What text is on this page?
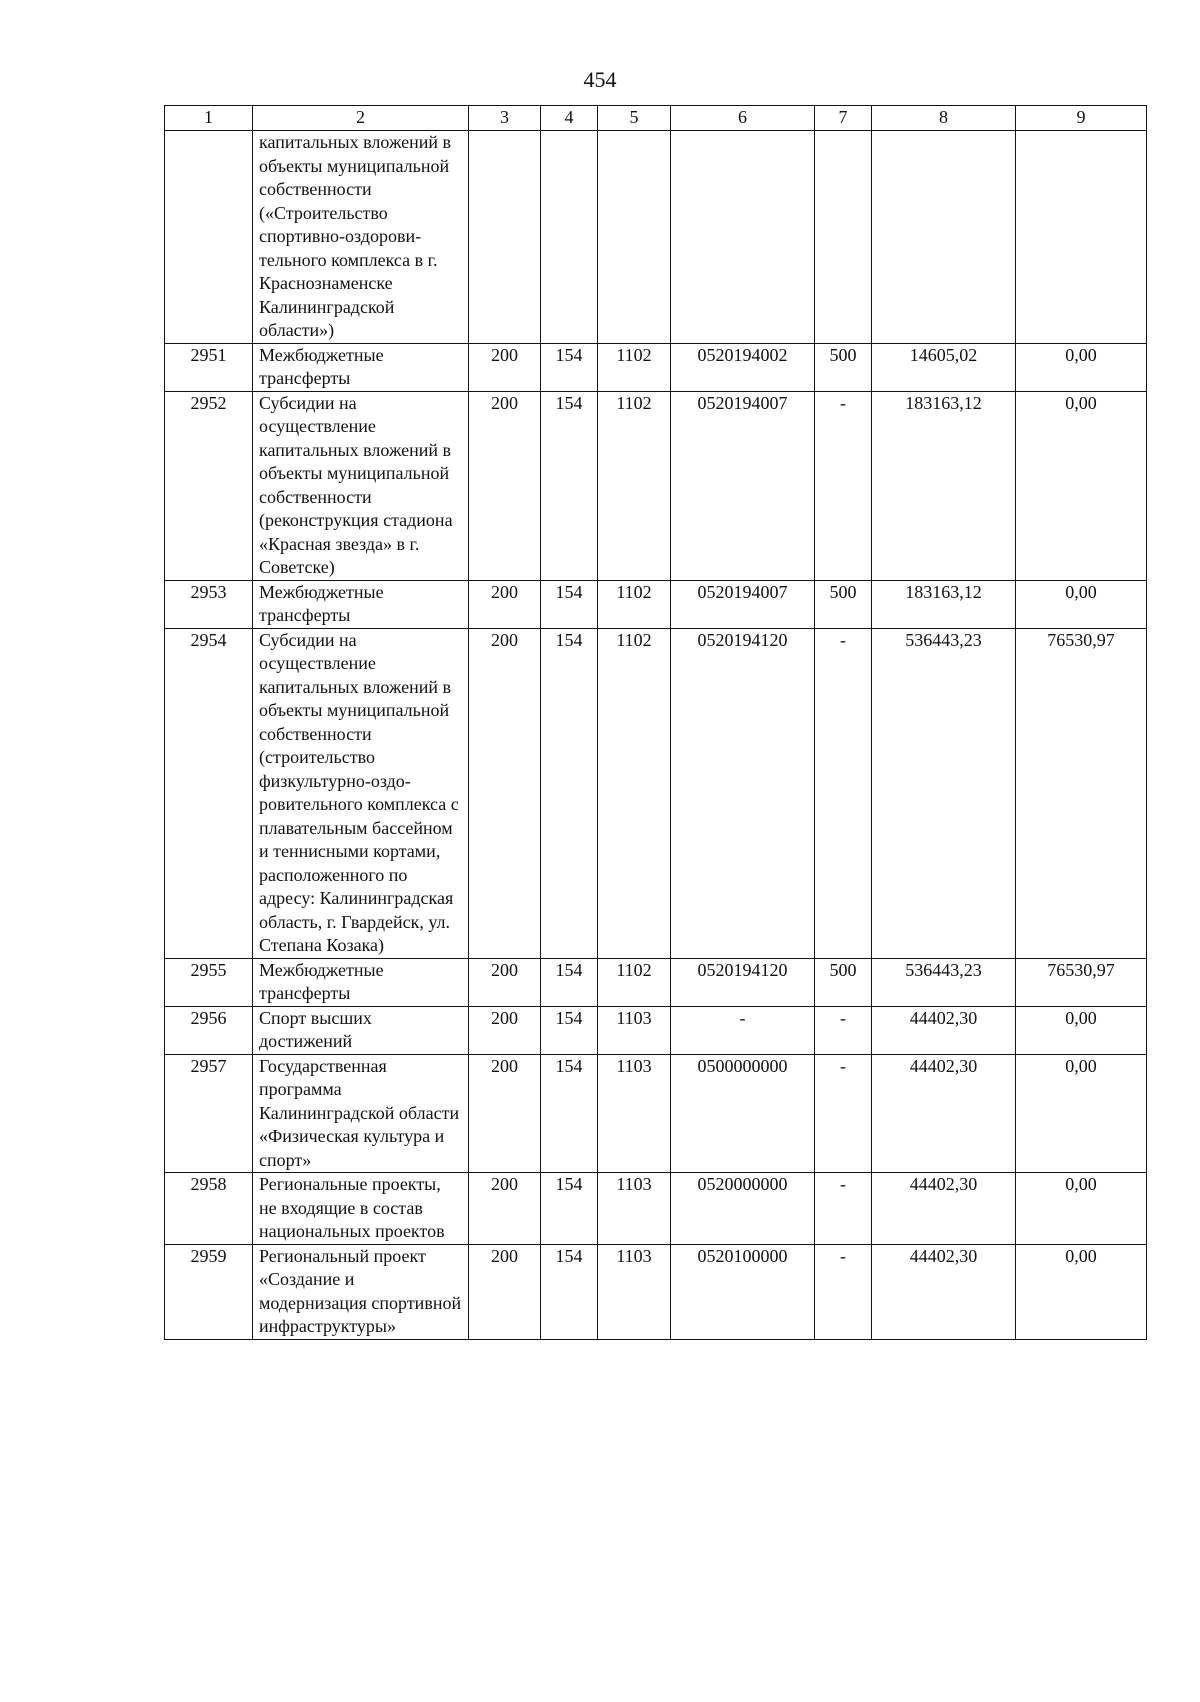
454
1	2	3	4	5	6	7	8	9
	капитальных вложений в объекты муниципальной собственности («Строительство спортивно-оздорови-тельного комплекса в г. Краснознаменске Калининградской области»)							
2951	Межбюджетные трансферты	200	154	1102	0520194002	500	14605,02	0,00
2952	Субсидии на осуществление капитальных вложений в объекты муниципальной собственности (реконструкция стадиона «Красная звезда» в г. Советске)	200	154	1102	0520194007	-	183163,12	0,00
2953	Межбюджетные трансферты	200	154	1102	0520194007	500	183163,12	0,00
2954	Субсидии на осуществление капитальных вложений в объекты муниципальной собственности (строительство физкультурно-оздо-ровительного комплекса с плавательным бассейном и теннисными кортами, расположенного по адресу: Калининградская область, г. Гвардейск, ул. Степана Козака)	200	154	1102	0520194120	-	536443,23	76530,97
2955	Межбюджетные трансферты	200	154	1102	0520194120	500	536443,23	76530,97
2956	Спорт высших достижений	200	154	1103	-	-	44402,30	0,00
2957	Государственная программа Калининградской области «Физическая культура и спорт»	200	154	1103	0500000000	-	44402,30	0,00
2958	Региональные проекты, не входящие в состав национальных проектов	200	154	1103	0520000000	-	44402,30	0,00
2959	Региональный проект «Создание и модернизация спортивной инфраструктуры»	200	154	1103	0520100000	-	44402,30	0,00
